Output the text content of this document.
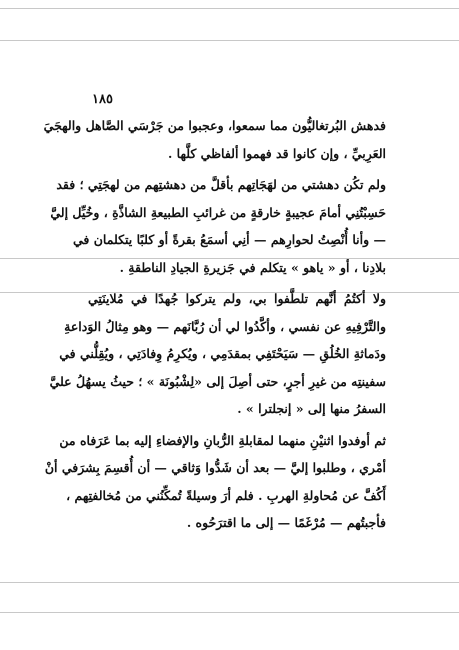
١٨٥
فدهش البُرتغاليُّون مما سمعوا، وعجبوا من جَرْسَي الصَّاهل والهجَيَ
العَرِبيِّ ، وإن كانوا قد فهموا ألفاظي كلَّها .
ولم تكُن دهشتي من لهَجَاتِهم بأقلَّ من دهشتِهم من لهجَتِي ؛ فقد
حَسِبْتُنِي أمامَ عجيبةٍ خارقةٍ من غرائبِ الطبيعةِ الشاذَّةِ ، وخُيِّل إليَّ
— وأنا أُنْصِتُ لحوارِهم — أنِي أسمَعُ بقرةً أو كلبًا يتكلمان في
بلادِنا ، أو « ياهو » يتكلم في جَزيرةِ الجيادِ الناطقةِ .
ولا أكتُمُ أنَّهم تلطَّفوا بي، ولم يتركوا جُهدًا في مُلاينَتِي
والتَّرْفِيهِ عن نفسي ، وأكَّدُوا لي أن رُبَّانَهم — وهو مِثالُ الوَداعةِ
ودَماثةِ الخُلُقِ — سَيَحْتَفِي بمقدَمِي ، ويُكرِمُ وِفادَتِي ، ويُقِلُّني في
سفينتِه من غيرِ أجرٍ، حتى أصِلَ إلى «لِشْبُونَة » ؛ حيثُ يسهُلُ عليَّ
السفرُ منها إلى « إنجلترا » .
ثم أوفدوا اثنيْنِ منهما لمقابلةِ الرُّبانِ والإفضاءِ إليه بما عَرَفاه من
أمْري ، وطلبوا إليَّ — بعد أن شَدُّوا وَثاقي — أن أُقسِمَ بِشرَفي أنْ
أَكُفَّ عن مُحاولةِ الهربِ . فلم أرَ وسيلةً تُمكِّنُني من مُخالفتِهم ،
فأجبتُهم — مُرْغَمًا — إلى ما اقترَحُوه .
